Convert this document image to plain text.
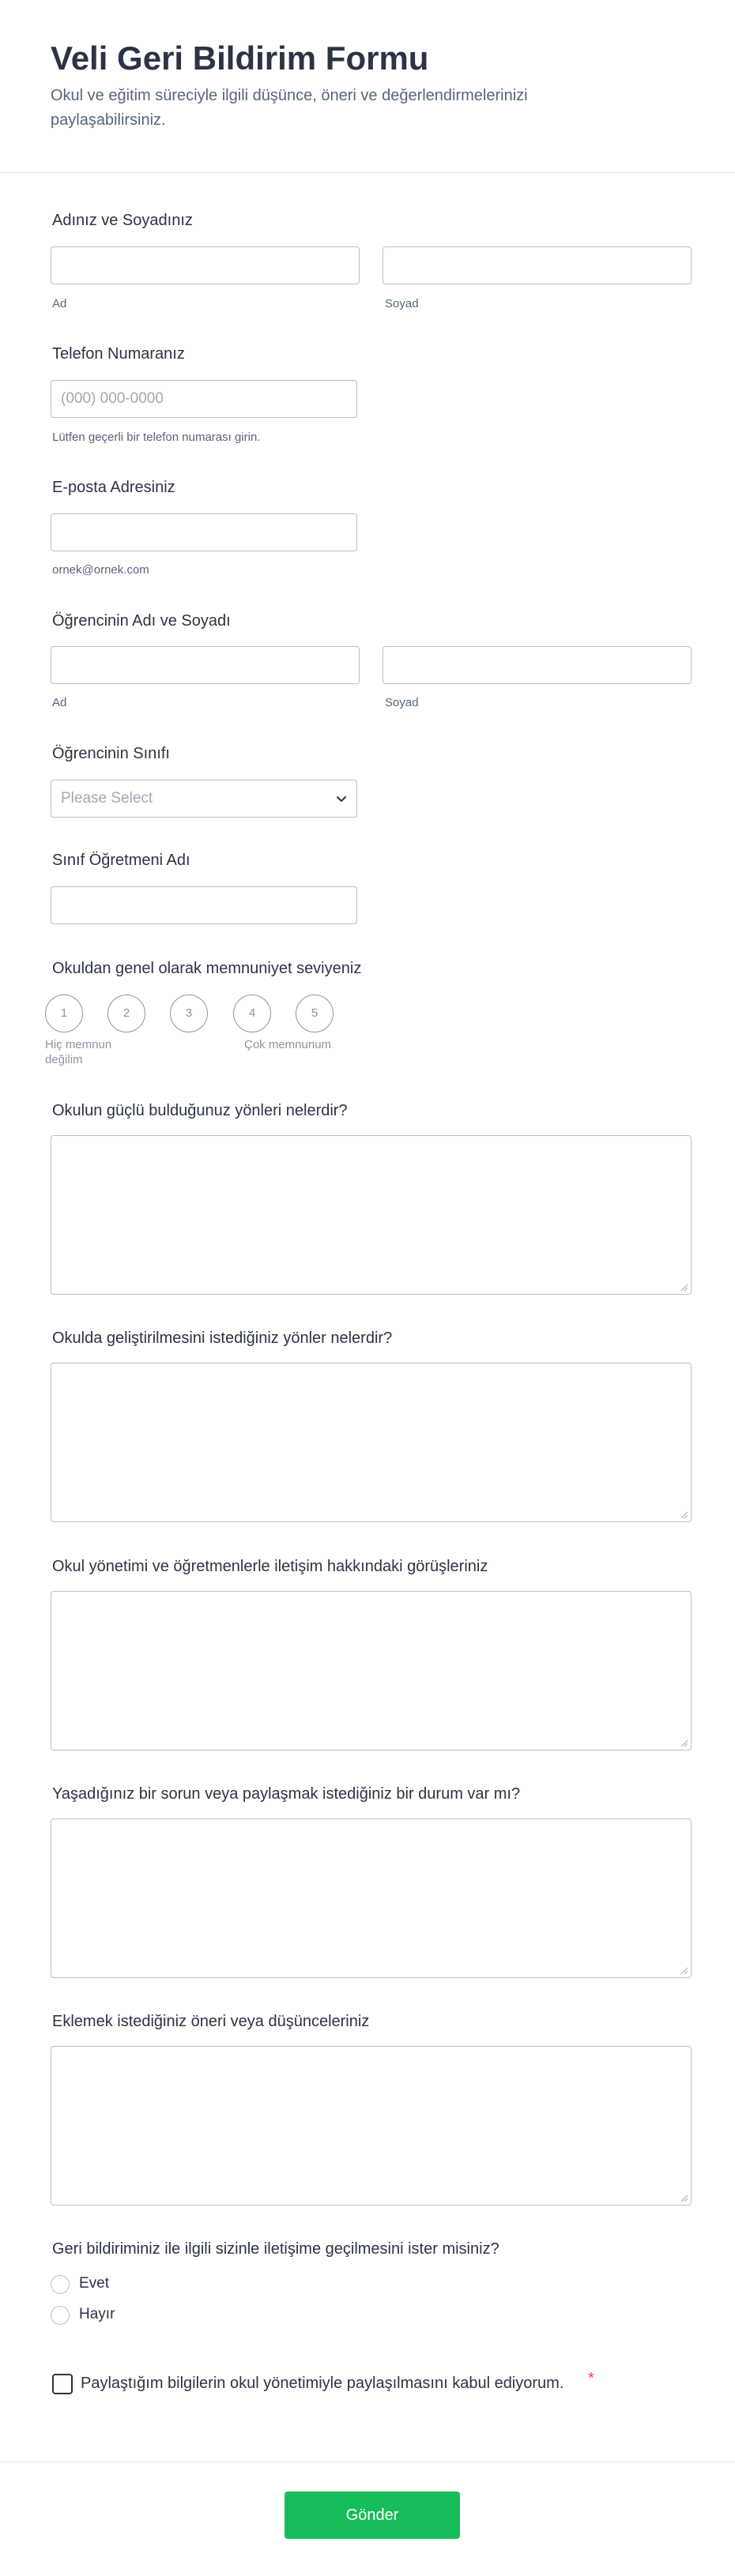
Veli Geri Bildirim Formu

Okul ve eğitim süreciyle ilgili düşünce, öneri ve değerlendirmelerinizi paylaşabilirsiniz.

Adınız ve Soyadınız
Ad	Soyad
Telefon Numaranız
(000) 000-0000
Lütfen geçerli bir telefon numarası girin.
E-posta Adresiniz
ornek@ornek.com
Öğrencinin Adı ve Soyadı
Ad	Soyad
Öğrencinin Sınıfı
Please Select
Sınıf Öğretmeni Adı
Okuldan genel olarak memnuniyet seviyeniz
1	2	3	4	5
Hiç memnun
değilim
Çok memnunum
Okulun güçlü bulduğunuz yönleri nelerdir?
Okulda geliştirilmesini istediğiniz yönler nelerdir?
Okul yönetimi ve öğretmenlerle iletişim hakkındaki görüşleriniz
Yaşadığınız bir sorun veya paylaşmak istediğiniz bir durum var mı?
Eklemek istediğiniz öneri veya düşünceleriniz
Geri bildiriminiz ile ilgili sizinle iletişime geçilmesini ister misiniz?
Evet
Hayır
Paylaştığım bilgilerin okul yönetimiyle paylaşılmasını kabul ediyorum. *
Gönder
